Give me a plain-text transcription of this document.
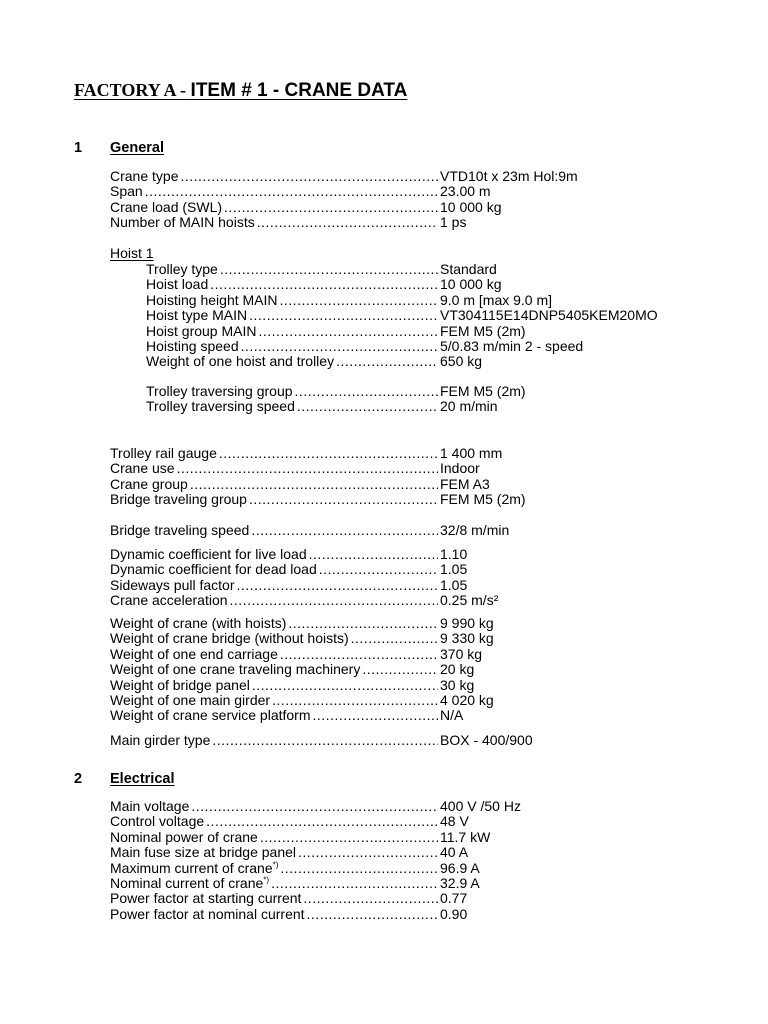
FACTORY A - ITEM # 1 - CRANE DATA
1 General
Hoist 1
2 Electrical
Crane type .....	VTD10t x 23m Hol:9m
Span .....	23.00 m
Crane load (SWL) .....	10 000 kg
Number of MAIN hoists .....	1 ps
Trolley type .....	Standard
Hoist load .....	10 000 kg
Hoisting height MAIN .....	9.0 m [max 9.0 m]
Hoist type MAIN .....	VT304115E14DNP5405KEM20MO
Hoist group MAIN .....	FEM M5 (2m)
Hoisting speed .....	5/0.83 m/min 2 - speed
Weight of one hoist and trolley .....	650 kg
Trolley traversing group .....	FEM M5 (2m)
Trolley traversing speed .....	20 m/min
Trolley rail gauge .....	1 400 mm
Crane use .....	Indoor
Crane group .....	FEM A3
Bridge traveling group .....	FEM M5 (2m)
Bridge traveling speed .....	32/8 m/min
Dynamic coefficient for live load .....	1.10
Dynamic coefficient for dead load .....	1.05
Sideways pull factor .....	1.05
Crane acceleration .....	0.25 m/s²
Weight of crane (with hoists) .....	9 990 kg
Weight of crane bridge (without hoists) .....	9 330 kg
Weight of one end carriage .....	370 kg
Weight of one crane traveling machinery .....	20 kg
Weight of bridge panel .....	30 kg
Weight of one main girder .....	4 020 kg
Weight of crane service platform .....	N/A
Main girder type .....	BOX - 400/900
Main voltage .....	400 V /50 Hz
Control voltage .....	48 V
Nominal power of crane .....	11.7 kW
Main fuse size at bridge panel .....	40 A
Maximum current of crane*) .....	96.9 A
Nominal current of crane*) .....	32.9 A
Power factor at starting current .....	0.77
Power factor at nominal current .....	0.90
